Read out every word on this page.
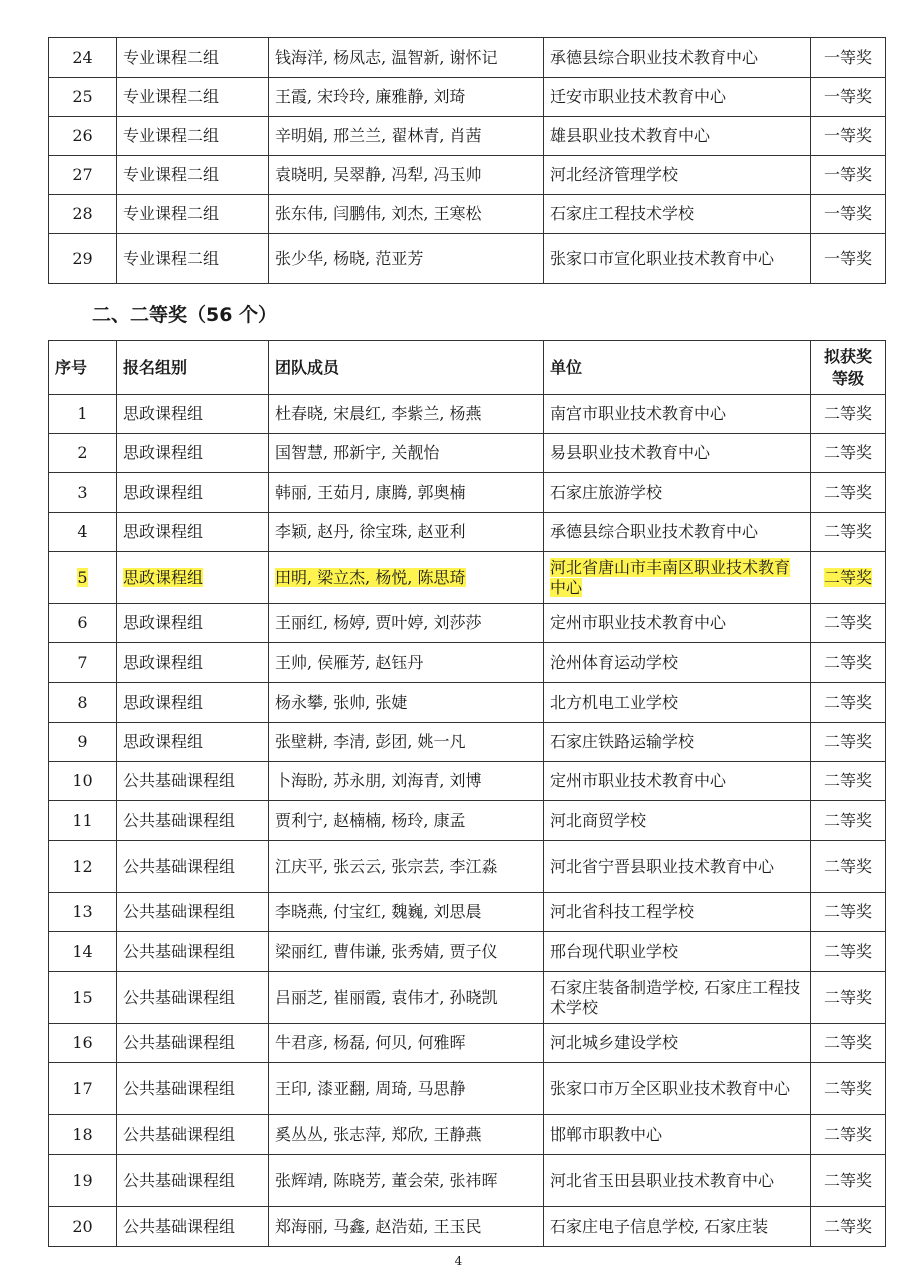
24	专业课程二组	钱海洋, 杨凤志, 温智新, 谢怀记	承德县综合职业技术教育中心	一等奖
25	专业课程二组	王霞, 宋玲玲, 廉雅静, 刘琦	迁安市职业技术教育中心	一等奖
26	专业课程二组	辛明娟, 邢兰兰, 翟林青, 肖茜	雄县职业技术教育中心	一等奖
27	专业课程二组	袁晓明, 吴翠静, 冯犁, 冯玉帅	河北经济管理学校	一等奖
28	专业课程二组	张东伟, 闫鹏伟, 刘杰, 王寒松	石家庄工程技术学校	一等奖
29	专业课程二组	张少华, 杨晓, 范亚芳	张家口市宣化职业技术教育中心	一等奖
二、二等奖（56 个）
序号	报名组别	团队成员	单位	拟获奖等级
1	思政课程组	杜春晓, 宋晨红, 李紫兰, 杨燕	南宫市职业技术教育中心	二等奖
2	思政课程组	国智慧, 邢新宇, 关靓怡	易县职业技术教育中心	二等奖
3	思政课程组	韩丽, 王茹月, 康腾, 郭奥楠	石家庄旅游学校	二等奖
4	思政课程组	李颖, 赵丹, 徐宝珠, 赵亚利	承德县综合职业技术教育中心	二等奖
5	思政课程组	田明, 梁立杰, 杨悦, 陈思琦	河北省唐山市丰南区职业技术教育中心	二等奖
6	思政课程组	王丽红, 杨婷, 贾叶婷, 刘莎莎	定州市职业技术教育中心	二等奖
7	思政课程组	王帅, 侯雁芳, 赵钰丹	沧州体育运动学校	二等奖
8	思政课程组	杨永攀, 张帅, 张婕	北方机电工业学校	二等奖
9	思政课程组	张壁耕, 李清, 彭团, 姚一凡	石家庄铁路运输学校	二等奖
10	公共基础课程组	卜海盼, 苏永朋, 刘海青, 刘博	定州市职业技术教育中心	二等奖
11	公共基础课程组	贾利宁, 赵楠楠, 杨玲, 康孟	河北商贸学校	二等奖
12	公共基础课程组	江庆平, 张云云, 张宗芸, 李江淼	河北省宁晋县职业技术教育中心	二等奖
13	公共基础课程组	李晓燕, 付宝红, 魏巍, 刘思晨	河北省科技工程学校	二等奖
14	公共基础课程组	梁丽红, 曹伟谦, 张秀婧, 贾子仪	邢台现代职业学校	二等奖
15	公共基础课程组	吕丽芝, 崔丽霞, 袁伟才, 孙晓凯	石家庄装备制造学校, 石家庄工程技术学校	二等奖
16	公共基础课程组	牛君彦, 杨磊, 何贝, 何雅晖	河北城乡建设学校	二等奖
17	公共基础课程组	王印, 漆亚翻, 周琦, 马思静	张家口市万全区职业技术教育中心	二等奖
18	公共基础课程组	奚丛丛, 张志萍, 郑欣, 王静燕	邯郸市职教中心	二等奖
19	公共基础课程组	张辉靖, 陈晓芳, 董会荣, 张祎晖	河北省玉田县职业技术教育中心	二等奖
20	公共基础课程组	郑海丽, 马鑫, 赵浩茹, 王玉民	石家庄电子信息学校, 石家庄装	二等奖
4
